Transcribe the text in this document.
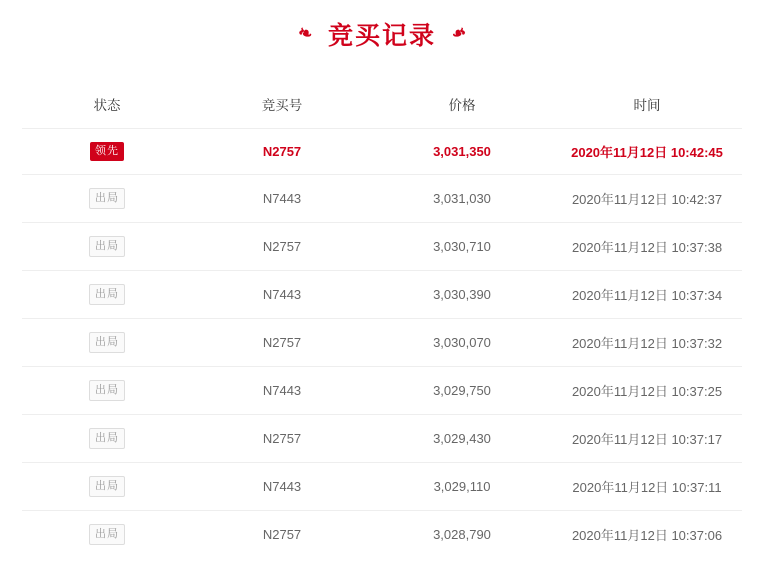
❧ 竞买记录 ❧
状态	竞买号	价格	时间
领先	N2757	3,031,350	2020年11月12日 10:42:45
出局	N7443	3,031,030	2020年11月12日 10:42:37
出局	N2757	3,030,710	2020年11月12日 10:37:38
出局	N7443	3,030,390	2020年11月12日 10:37:34
出局	N2757	3,030,070	2020年11月12日 10:37:32
出局	N7443	3,029,750	2020年11月12日 10:37:25
出局	N2757	3,029,430	2020年11月12日 10:37:17
出局	N7443	3,029,110	2020年11月12日 10:37:11
出局	N2757	3,028,790	2020年11月12日 10:37:06
